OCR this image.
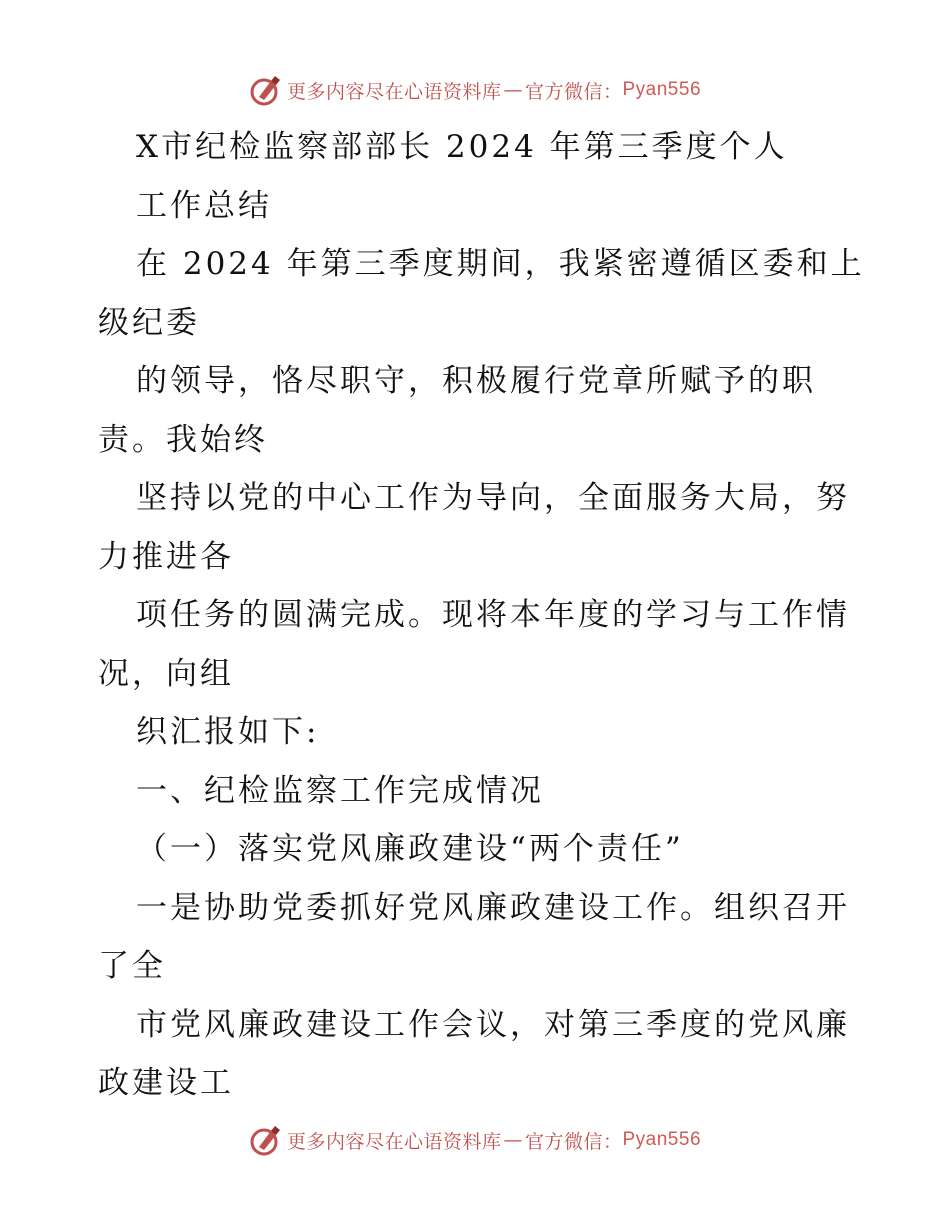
更多内容尽在心语资料库 — 官方微信： Pyan556
X市纪检监察部部长 2024 年第三季度个人
工作总结
在 2024 年第三季度期间，我紧密遵循区委和上
级纪委
的领导，恪尽职守，积极履行党章所赋予的职
责。我始终
坚持以党的中心工作为导向，全面服务大局，努
力推进各
项任务的圆满完成。现将本年度的学习与工作情
况，向组
织汇报如下:
一、纪检监察工作完成情况
（一）落实党风廉政建设“两个责任”
一是协助党委抓好党风廉政建设工作。组织召开
了全
市党风廉政建设工作会议，对第三季度的党风廉
政建设工
更多内容尽在心语资料库 — 官方微信： Pyan556
